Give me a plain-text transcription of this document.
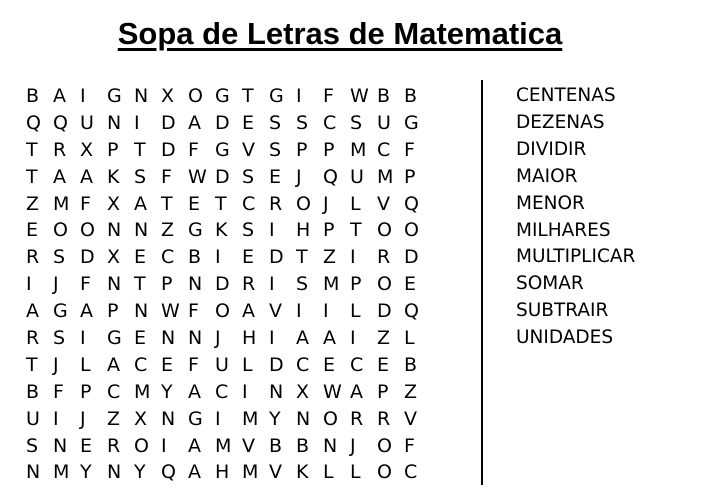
Sopa de Letras de Matematica
B A I	G N X O G T G I	F W B B
Q Q U N I	D A D E S S C S U G
T R X P T D F G V S P P M C F
T A A K S F W D S E J	Q U M P
Z M F X A T E T C R O J	L V Q
E O O N N Z G K S I	H P T O O
R S D X E C B I	E D T Z I	R D
I	J	F N T P N D R I	S M P O E
A G A P N W F O A V I	I	L D Q
R S I	G E N N J	H I	A A I	Z L
T J	L A C E F U L D C E C E B
B F P C M Y A C I	N X W A P Z
U I	J	Z X N G I	M Y N O R R V
S N E R O I	A M V B B N J	O F
N M Y N Y Q A H M V K L L O C
CENTENAS
DEZENAS
DIVIDIR
MAIOR
MENOR
MILHARES
MULTIPLICAR
SOMAR
SUBTRAIR
UNIDADES
